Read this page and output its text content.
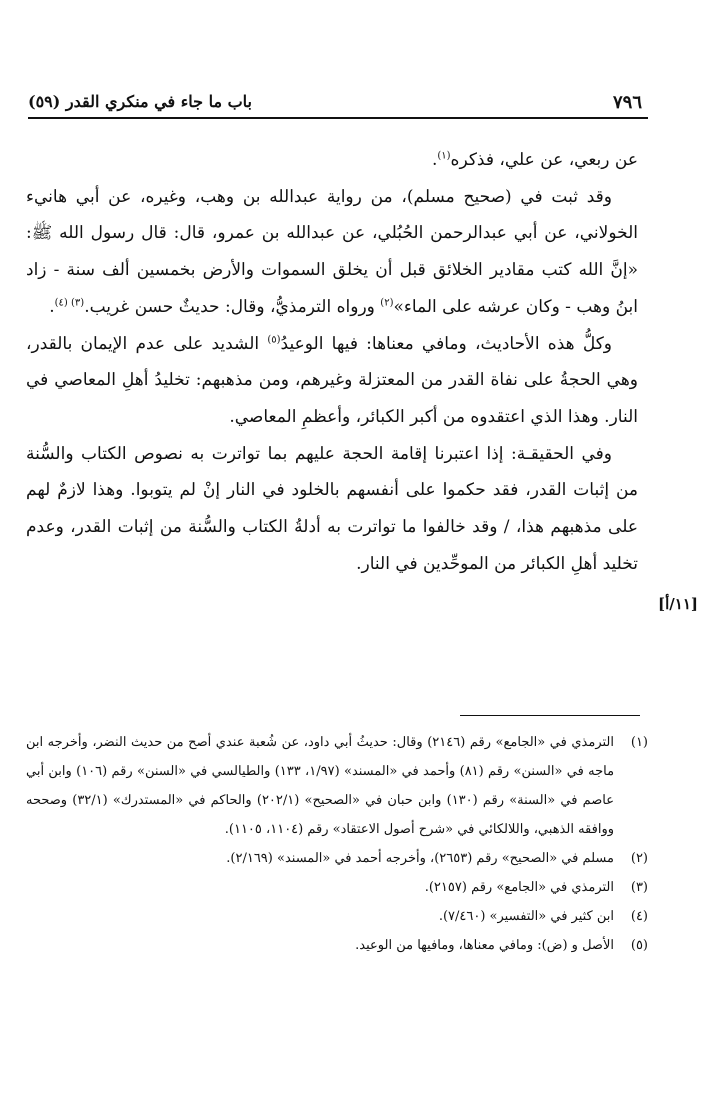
٧٩٦
باب ما جاء في منكري القدر (٥٩)

عن ربعي، عن علي، فذكره$^{(١)}$.

وقد ثبت في (صحيح مسلم)، من رواية عبدالله بن وهب، وغيره، عن أبي هانيء الخولاني، عن أبي عبدالرحمن الحُبُلي، عن عبدالله بن عمرو، قال: قال رسول الله ﷺ: «إنَّ الله كتب مقادير الخلائق قبل أن يخلق السموات والأرض بخمسين ألف سنة - زاد ابنُ وهب - وكان عرشه على الماء»$^{(٢)}$ ورواه الترمذيُّ، وقال: حديثٌ حسن غريب.$^{(٣) (٤)}$.

وكلُّ هذه الأحاديث، ومافي معناها: فيها الوعيدُ$^{(٥)}$ الشديد على عدم الإيمان بالقدر، وهي الحجةُ على نفاة القدر من المعتزلة وغيرهم، ومن مذهبهم: تخليدُ أهلِ المعاصي في النار. وهذا الذي اعتقدوه من أكبر الكبائر، وأعظمِ المعاصي.

وفي الحقيقـة: إذا اعتبرنا إقامة الحجة عليهم بما تواترت به نصوص الكتاب والسُّنة من إثبات القدر، فقد حكموا على أنفسهم بالخلود في النار إنْ لم يتوبوا. وهذا لازمٌ لهم على مذهبهم هذا، / وقد خالفوا ما تواترت به أدلةُ الكتاب والسُّنة من إثبات القدر، وعدم تخليد أهلِ الكبائر من الموحِّدين في النار.

[١١/أ]

(١)
الترمذي في «الجامع» رقم (٢١٤٦) وقال: حديثُ أبي داود، عن شُعبة عندي أصح من حديث النضر، وأخرجه ابن ماجه في «السنن» رقم (٨١) وأحمد في «المسند» (١/٩٧، ١٣٣) والطيالسي في «السنن» رقم (١٠٦) وابن أبي عاصم في «السنة» رقم (١٣٠) وابن حبان في «الصحيح» (٢٠٢/١) والحاكم في «المستدرك» (٣٢/١) وصححه ووافقه الذهبي، واللالكائي في «شرح أصول الاعتقاد» رقم (١١٠٤، ١١٠٥).

(٢)
مسلم في «الصحيح» رقم (٢٦٥٣)، وأخرجه أحمد في «المسند» (٢/١٦٩).

(٣)
الترمذي في «الجامع» رقم (٢١٥٧).

(٤)
ابن كثير في «التفسير» (٧/٤٦٠).

(٥)
الأصل و (ض): ومافي معناها، ومافيها من الوعيد.
